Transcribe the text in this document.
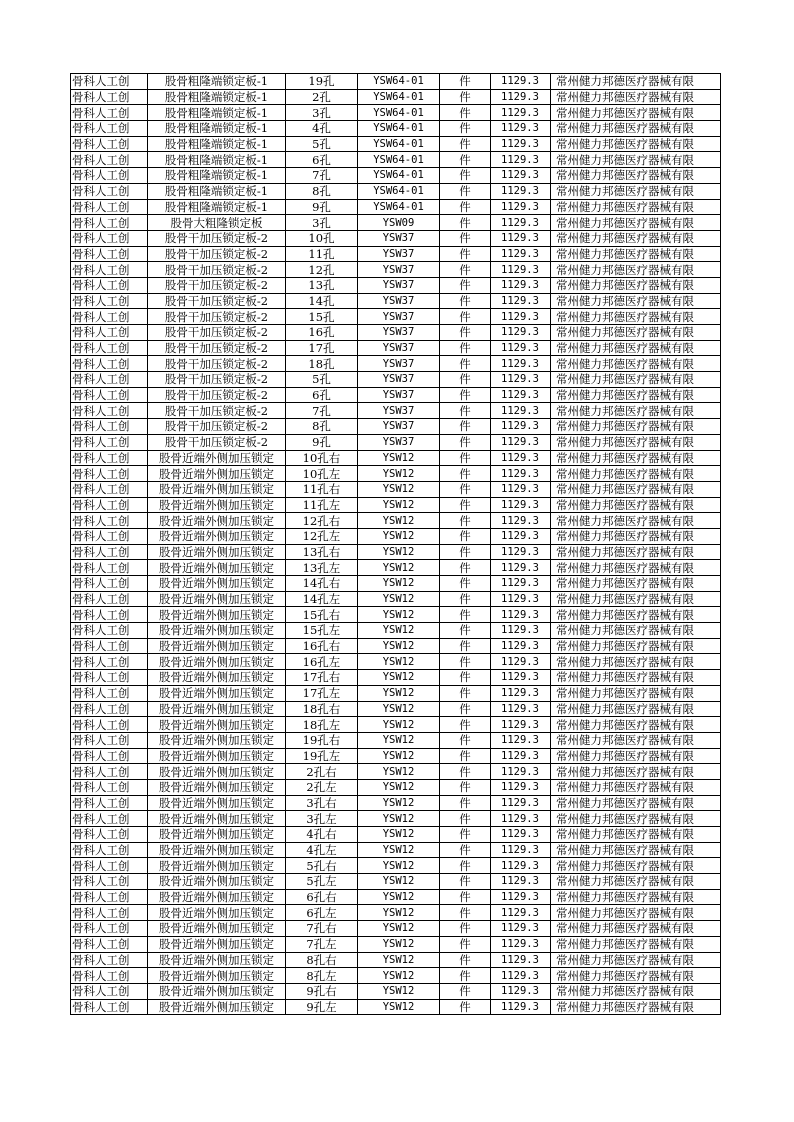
骨科人工创	股骨粗隆端锁定板-1	19孔	YSW64-01	件	1129.3	常州健力邦德医疗器械有限
骨科人工创	股骨粗隆端锁定板-1	2孔	YSW64-01	件	1129.3	常州健力邦德医疗器械有限
骨科人工创	股骨粗隆端锁定板-1	3孔	YSW64-01	件	1129.3	常州健力邦德医疗器械有限
骨科人工创	股骨粗隆端锁定板-1	4孔	YSW64-01	件	1129.3	常州健力邦德医疗器械有限
骨科人工创	股骨粗隆端锁定板-1	5孔	YSW64-01	件	1129.3	常州健力邦德医疗器械有限
骨科人工创	股骨粗隆端锁定板-1	6孔	YSW64-01	件	1129.3	常州健力邦德医疗器械有限
骨科人工创	股骨粗隆端锁定板-1	7孔	YSW64-01	件	1129.3	常州健力邦德医疗器械有限
骨科人工创	股骨粗隆端锁定板-1	8孔	YSW64-01	件	1129.3	常州健力邦德医疗器械有限
骨科人工创	股骨粗隆端锁定板-1	9孔	YSW64-01	件	1129.3	常州健力邦德医疗器械有限
骨科人工创	股骨大粗隆锁定板	3孔	YSW09	件	1129.3	常州健力邦德医疗器械有限
骨科人工创	股骨干加压锁定板-2	10孔	YSW37	件	1129.3	常州健力邦德医疗器械有限
骨科人工创	股骨干加压锁定板-2	11孔	YSW37	件	1129.3	常州健力邦德医疗器械有限
骨科人工创	股骨干加压锁定板-2	12孔	YSW37	件	1129.3	常州健力邦德医疗器械有限
骨科人工创	股骨干加压锁定板-2	13孔	YSW37	件	1129.3	常州健力邦德医疗器械有限
骨科人工创	股骨干加压锁定板-2	14孔	YSW37	件	1129.3	常州健力邦德医疗器械有限
骨科人工创	股骨干加压锁定板-2	15孔	YSW37	件	1129.3	常州健力邦德医疗器械有限
骨科人工创	股骨干加压锁定板-2	16孔	YSW37	件	1129.3	常州健力邦德医疗器械有限
骨科人工创	股骨干加压锁定板-2	17孔	YSW37	件	1129.3	常州健力邦德医疗器械有限
骨科人工创	股骨干加压锁定板-2	18孔	YSW37	件	1129.3	常州健力邦德医疗器械有限
骨科人工创	股骨干加压锁定板-2	5孔	YSW37	件	1129.3	常州健力邦德医疗器械有限
骨科人工创	股骨干加压锁定板-2	6孔	YSW37	件	1129.3	常州健力邦德医疗器械有限
骨科人工创	股骨干加压锁定板-2	7孔	YSW37	件	1129.3	常州健力邦德医疗器械有限
骨科人工创	股骨干加压锁定板-2	8孔	YSW37	件	1129.3	常州健力邦德医疗器械有限
骨科人工创	股骨干加压锁定板-2	9孔	YSW37	件	1129.3	常州健力邦德医疗器械有限
骨科人工创	股骨近端外侧加压锁定	10孔右	YSW12	件	1129.3	常州健力邦德医疗器械有限
骨科人工创	股骨近端外侧加压锁定	10孔左	YSW12	件	1129.3	常州健力邦德医疗器械有限
骨科人工创	股骨近端外侧加压锁定	11孔右	YSW12	件	1129.3	常州健力邦德医疗器械有限
骨科人工创	股骨近端外侧加压锁定	11孔左	YSW12	件	1129.3	常州健力邦德医疗器械有限
骨科人工创	股骨近端外侧加压锁定	12孔右	YSW12	件	1129.3	常州健力邦德医疗器械有限
骨科人工创	股骨近端外侧加压锁定	12孔左	YSW12	件	1129.3	常州健力邦德医疗器械有限
骨科人工创	股骨近端外侧加压锁定	13孔右	YSW12	件	1129.3	常州健力邦德医疗器械有限
骨科人工创	股骨近端外侧加压锁定	13孔左	YSW12	件	1129.3	常州健力邦德医疗器械有限
骨科人工创	股骨近端外侧加压锁定	14孔右	YSW12	件	1129.3	常州健力邦德医疗器械有限
骨科人工创	股骨近端外侧加压锁定	14孔左	YSW12	件	1129.3	常州健力邦德医疗器械有限
骨科人工创	股骨近端外侧加压锁定	15孔右	YSW12	件	1129.3	常州健力邦德医疗器械有限
骨科人工创	股骨近端外侧加压锁定	15孔左	YSW12	件	1129.3	常州健力邦德医疗器械有限
骨科人工创	股骨近端外侧加压锁定	16孔右	YSW12	件	1129.3	常州健力邦德医疗器械有限
骨科人工创	股骨近端外侧加压锁定	16孔左	YSW12	件	1129.3	常州健力邦德医疗器械有限
骨科人工创	股骨近端外侧加压锁定	17孔右	YSW12	件	1129.3	常州健力邦德医疗器械有限
骨科人工创	股骨近端外侧加压锁定	17孔左	YSW12	件	1129.3	常州健力邦德医疗器械有限
骨科人工创	股骨近端外侧加压锁定	18孔右	YSW12	件	1129.3	常州健力邦德医疗器械有限
骨科人工创	股骨近端外侧加压锁定	18孔左	YSW12	件	1129.3	常州健力邦德医疗器械有限
骨科人工创	股骨近端外侧加压锁定	19孔右	YSW12	件	1129.3	常州健力邦德医疗器械有限
骨科人工创	股骨近端外侧加压锁定	19孔左	YSW12	件	1129.3	常州健力邦德医疗器械有限
骨科人工创	股骨近端外侧加压锁定	2孔右	YSW12	件	1129.3	常州健力邦德医疗器械有限
骨科人工创	股骨近端外侧加压锁定	2孔左	YSW12	件	1129.3	常州健力邦德医疗器械有限
骨科人工创	股骨近端外侧加压锁定	3孔右	YSW12	件	1129.3	常州健力邦德医疗器械有限
骨科人工创	股骨近端外侧加压锁定	3孔左	YSW12	件	1129.3	常州健力邦德医疗器械有限
骨科人工创	股骨近端外侧加压锁定	4孔右	YSW12	件	1129.3	常州健力邦德医疗器械有限
骨科人工创	股骨近端外侧加压锁定	4孔左	YSW12	件	1129.3	常州健力邦德医疗器械有限
骨科人工创	股骨近端外侧加压锁定	5孔右	YSW12	件	1129.3	常州健力邦德医疗器械有限
骨科人工创	股骨近端外侧加压锁定	5孔左	YSW12	件	1129.3	常州健力邦德医疗器械有限
骨科人工创	股骨近端外侧加压锁定	6孔右	YSW12	件	1129.3	常州健力邦德医疗器械有限
骨科人工创	股骨近端外侧加压锁定	6孔左	YSW12	件	1129.3	常州健力邦德医疗器械有限
骨科人工创	股骨近端外侧加压锁定	7孔右	YSW12	件	1129.3	常州健力邦德医疗器械有限
骨科人工创	股骨近端外侧加压锁定	7孔左	YSW12	件	1129.3	常州健力邦德医疗器械有限
骨科人工创	股骨近端外侧加压锁定	8孔右	YSW12	件	1129.3	常州健力邦德医疗器械有限
骨科人工创	股骨近端外侧加压锁定	8孔左	YSW12	件	1129.3	常州健力邦德医疗器械有限
骨科人工创	股骨近端外侧加压锁定	9孔右	YSW12	件	1129.3	常州健力邦德医疗器械有限
骨科人工创	股骨近端外侧加压锁定	9孔左	YSW12	件	1129.3	常州健力邦德医疗器械有限
